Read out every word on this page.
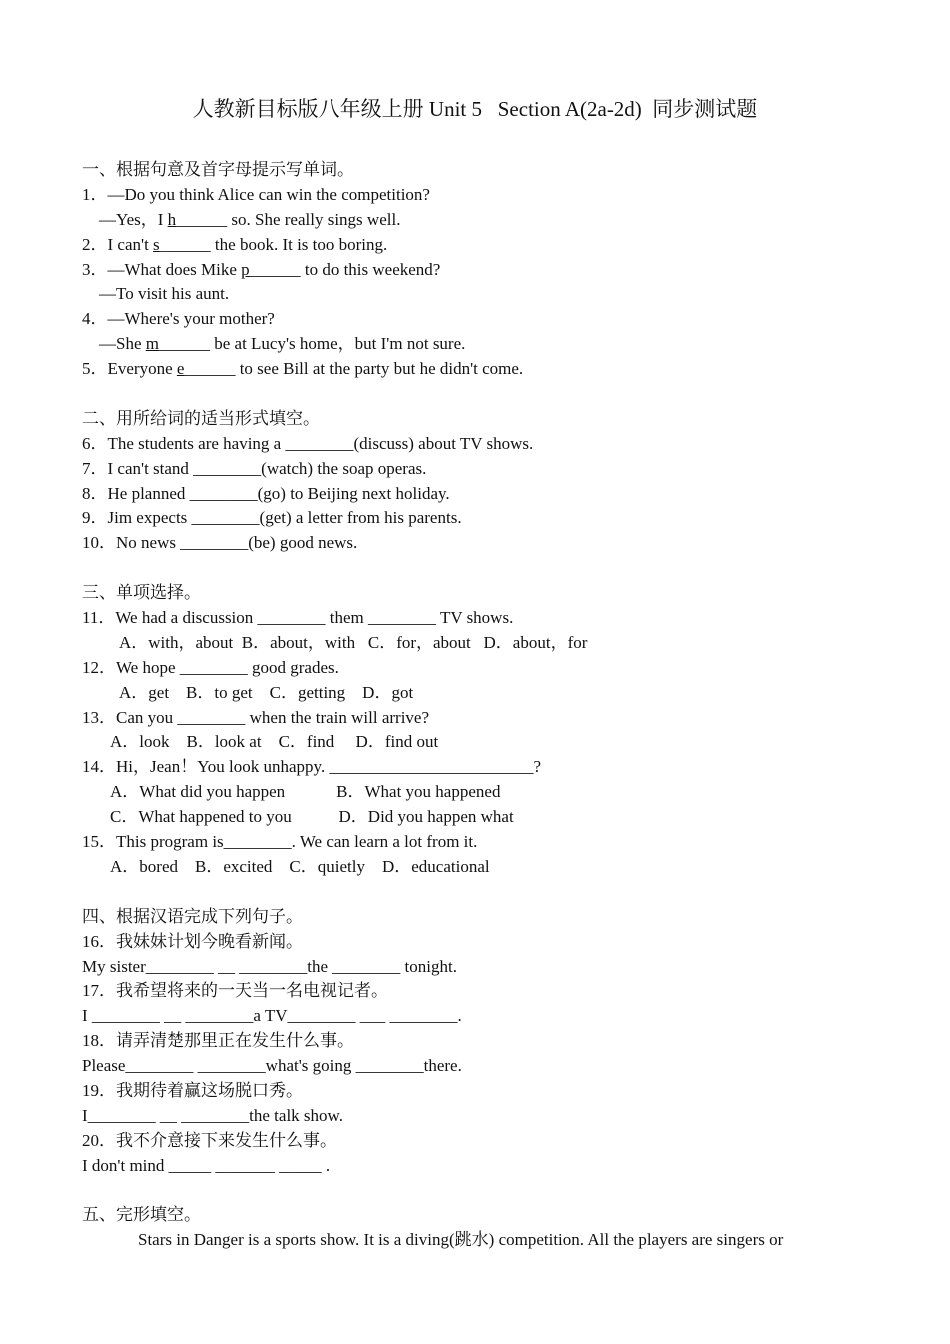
人教新目标版八年级上册 Unit 5   Section A(2a-2d)  同步测试题
一、根据句意及首字母提示写单词。
1．—Do you think Alice can win the competition?
—Yes，I h______ so. She really sings well.
2．I can't s______ the book. It is too boring.
3．—What does Mike p______ to do this weekend?
—To visit his aunt.
4．—Where's your mother?
—She m______ be at Lucy's home，but I'm not sure.
5．Everyone e______ to see Bill at the party but he didn't come.
二、用所给词的适当形式填空。
6．The students are having a ________(discuss) about TV shows.
7．I can't stand ________(watch) the soap operas.
8．He planned ________(go) to Beijing next holiday.
9．Jim expects ________(get) a letter from his parents.
10．No news ________(be) good news.
三、单项选择。
11．We had a discussion ________ them ________ TV shows.
A．with，about  B．about，with   C．for，about   D．about，for
12．We hope ________ good grades.
A．get    B．to get    C．getting    D．got
13．Can you ________ when the train will arrive?
A．look    B．look at    C．find     D．find out
14．Hi，Jean！You look unhappy. ________________________?
A．What did you happen            B．What you happened
C．What happened to you           D．Did you happen what
15．This program is________. We can learn a lot from it.
A．bored    B．excited    C．quietly    D．educational
四、根据汉语完成下列句子。
16．我妹妹计划今晚看新闻。
My sister________ __ ________the ________ tonight.
17．我希望将来的一天当一名电视记者。
I ________ __ ________a TV________ ___ ________.
18．请弄清楚那里正在发生什么事。
Please________ ________what's going ________there.
19．我期待着赢这场脱口秀。
I________ __ ________the talk show.
20．我不介意接下来发生什么事。
I don't mind _____ _______ _____ .
五、完形填空。
Stars in Danger is a sports show. It is a diving(跳水) competition. All the players are singers or
